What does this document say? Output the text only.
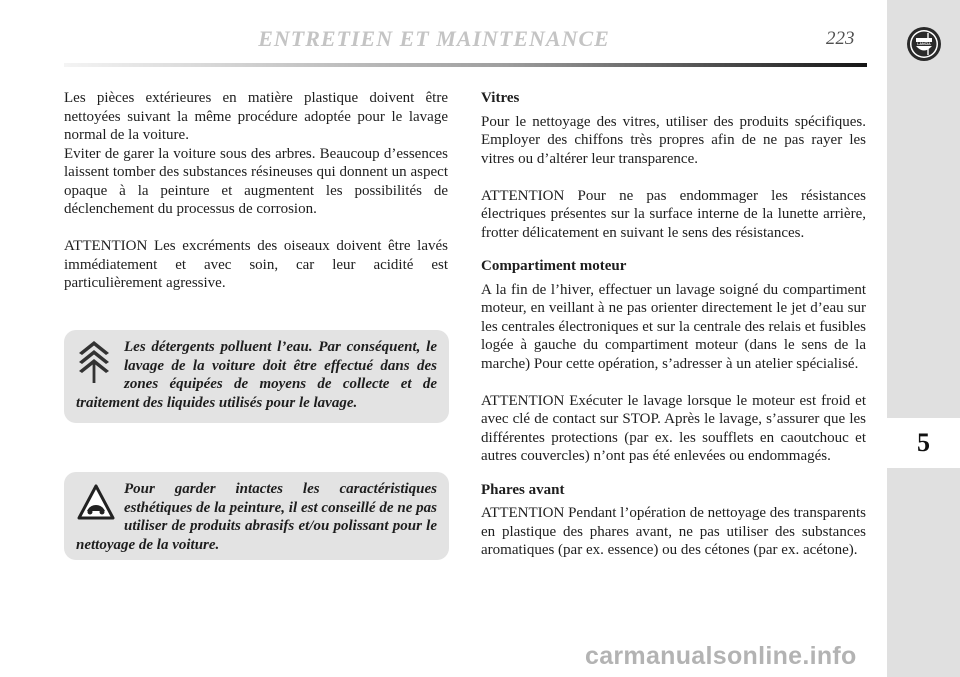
LANCIA
ENTRETIEN ET MAINTENANCE	223
5

Les pièces extérieures en matière plastique doivent être nettoyées suivant la même procédure adoptée pour le lavage normal de la voiture.

Eviter de garer la voiture sous des arbres. Beaucoup d’essences laissent tomber des substances résineuses qui donnent un aspect opaque à la peinture et augmentent les possibilités de déclenchement du processus de corrosion.

ATTENTION Les excréments des oiseaux doivent être lavés immédiatement et avec soin, car leur acidité est particulièrement agressive.

Les détergents polluent l’eau. Par conséquent, le lavage de la voiture doit être effectué dans des zones équipées de moyens de collecte et de traitement des liquides utilisés pour le lavage.
Pour garder intactes les caractéristiques esthétiques de la peinture, il est conseillé de ne pas utiliser de produits abrasifs et/ou polissant pour le nettoyage de la voiture.

Vitres

Pour le nettoyage des vitres, utiliser des produits spécifiques. Employer des chiffons très propres afin de ne pas rayer les vitres ou d’altérer leur transparence.

ATTENTION Pour ne pas endommager les résistances électriques présentes sur la surface interne de la lunette arrière, frotter délicatement en suivant le sens des résistances.

Compartiment moteur

A la fin de l’hiver, effectuer un lavage soigné du compartiment moteur, en veillant à ne pas orienter directement le jet d’eau sur les centrales électroniques et sur la centrale des relais et fusibles logée à gauche du compartiment moteur (dans le sens de la marche) Pour cette opération, s’adresser à un atelier spécialisé.

ATTENTION Exécuter le lavage lorsque le moteur est froid et avec clé de contact sur STOP. Après le lavage, s’assurer que les différentes protections (par ex. les soufflets en caoutchouc et autres couvercles) n’ont pas été enlevées ou endommagés.

Phares avant

ATTENTION Pendant l’opération de nettoyage des transparents en plastique des phares avant, ne pas utiliser des substances aromatiques (par ex. essence) ou des cétones (par ex. acétone).

carmanualsonline.info
